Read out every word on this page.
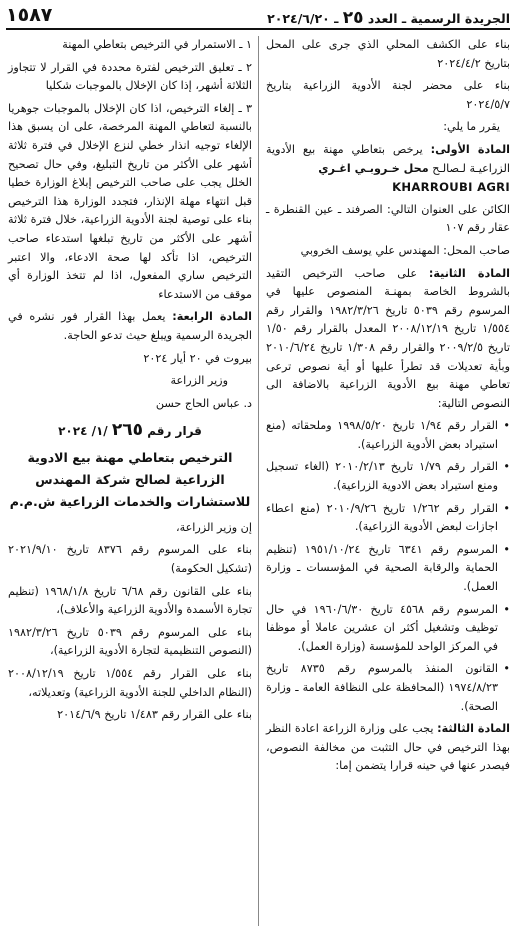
الجريدة الرسمية ـ العدد ٢٥ ـ ٢٠٢٤/٦/٢٠
١٥٨٧

بناء على الكشف المحلي الذي جرى على المحل بتاريخ ٢٠٢٤/٤/٢

بناء على محضر لجنة الأدوية الزراعية بتاريخ ٢٠٢٤/٥/٧

يقرر ما يلي:

المادة الأولى: يرخص بتعاطي مهنة بيع الأدوية الزراعيـة لـصالـح محل خـروبـي اغـري
KHARROUBI AGRI

الكائن على العنوان التالي: الصرفند ـ عين القنطرة ـ عقار رقم ١٠٧

صاحب المحل: المهندس علي يوسف الخروبي

المادة الثانية: على صاحب الترخيص التقيد بالشروط الخاصة بمهنـة المنصوص عليها في المرسوم رقم ٥٠٣٩ تاريخ ١٩٨٢/٣/٢٦ والقرار رقم ١/٥٥٤ تاريخ ٢٠٠٨/١٢/١٩ المعدل بالقرار رقم ١/٥٠ تاريخ ٢٠٠٩/٢/٥ والقرار رقم ١/٣٠٨ تاريخ ٢٠١٠/٦/٢٤ وبأية تعديلات قد تطرأ عليها أو أية نصوص ترعى تعاطي مهنة بيع الأدوية الزراعية بالاضافة الى النصوص التالية:

• القرار رقم ١/٩٤ تاريخ ١٩٩٨/٥/٢٠ وملحقاته (منع استيراد بعض الأدوية الزراعية).

• القرار رقم ١/٧٩ تاريخ ٢٠١٠/٢/١٣ (الغاء تسجيل ومنع استيراد بعض الادوية الزراعية).

• القرار رقم ١/٢٦٢ تاريخ ٢٠١٠/٩/٢٦ (منع اعطاء اجازات لبعض الأدوية الزراعية).

• المرسوم رقم ٦٣٤١ تاريخ ١٩٥١/١٠/٢٤ (تنظيم الحماية والرقابة الصحية في المؤسسات ـ وزارة العمل).

• المرسوم رقم ٤٥٦٨ تاريخ ١٩٦٠/٦/٣٠ في حال توظيف وتشغيل أكثر ان عشرين عاملا أو موظفا في المركز الواحد للمؤسسة (وزارة العمل).

• القانون المنفذ بالمرسوم رقم ٨٧٣٥ تاريخ ١٩٧٤/٨/٢٣ (المحافظة على النظافة العامة ـ وزارة الصحة).

المادة الثالثة: يجب على وزارة الزراعة اعادة النظر بهذا الترخيص في حال التثبت من مخالفة النصوص، فيصدر عنها في حينه قرارا يتضمن إما:

١ ـ الاستمرار في الترخيص بتعاطي المهنة

٢ ـ تعليق الترخيص لفترة محددة في القرار لا تتجاوز الثلاثة أشهر، إذا كان الإخلال بالموجبات شكليا

٣ ـ إلغاء الترخيص، اذا كان الإخلال بالموجبات جوهريا بالنسبة لتعاطي المهنة المرخصة، على ان يسبق هذا الإلغاء توجيه انذار خطي لنزع الإخلال في فترة ثلاثة أشهر على الأكثر من تاريخ التبليغ، وفي حال تصحيح الخلل يجب على صاحب الترخيص إبلاغ الوزارة خطيا قبل انتهاء مهلة الإنذار، فتجدد الوزارة هذا الترخيص بناء على توصية لجنة الأدوية الزراعية، خلال فترة ثلاثة أشهر على الأكثر من تاريخ تبلغها استدعاء صاحب الترخيص، اذا تأكد لها صحة الادعاء، والا اعتبر الترخيص ساري المفعول، اذا لم تتخذ الوزارة أي موقف من الاستدعاء

المادة الرابعة: يعمل بهذا القرار فور نشره في الجريدة الرسمية ويبلغ حيث تدعو الحاجة.

بيروت في ٢٠ أيار ٢٠٢٤

وزير الزراعة

د. عباس الحاج حسن

قرار رقم ٢٦٥ /١/ ٢٠٢٤
الترخيص بتعاطي مهنة بيع الادوية الزراعية لصالح شركة المهندس للاستشارات والخدمات الزراعية ش.م.م

إن وزير الزراعة،

بناء على المرسوم رقم ٨٣٧٦ تاريخ ٢٠٢١/٩/١٠ (تشكيل الحكومة)

بناء على القانون رقم ٦/٦٨ تاريخ ١٩٦٨/١/٨ (تنظيم تجارة الأسمدة والأدوية الزراعية والأعلاف)،

بناء على المرسوم رقم ٥٠٣٩ تاريخ ١٩٨٢/٣/٢٦ (النصوص التنظيمية لتجارة الأدوية الزراعية)،

بناء على القرار رقم ١/٥٥٤ تاريخ ٢٠٠٨/١٢/١٩ (النظام الداخلي للجنة الأدوية الزراعية) وتعديلاته،

بناء على القرار رقم ١/٤٨٣ تاريخ ٢٠١٤/٦/٩
